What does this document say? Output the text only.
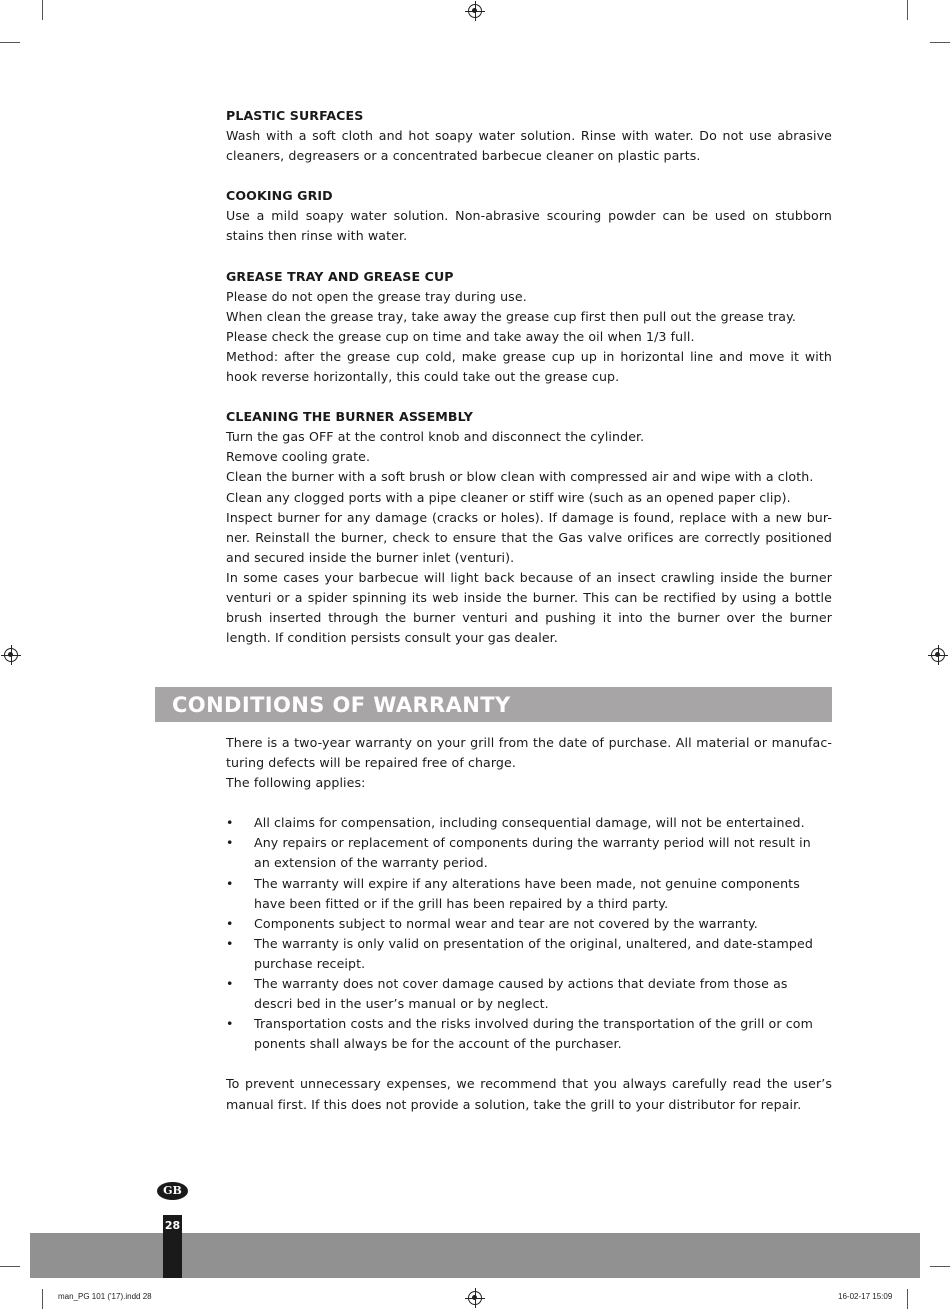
PLASTIC SURFACES

Wash with a soft cloth and hot soapy water solution. Rinse with water. Do not use abrasive cleaners, degreasers or a concentrated barbecue cleaner on plastic parts.

COOKING GRID

Use a mild soapy water solution. Non-abrasive scouring powder can be used on stubborn stains then rinse with water.

GREASE TRAY AND GREASE CUP

Please do not open the grease tray during use.

When clean the grease tray, take away the grease cup first then pull out the grease tray.

Please check the grease cup on time and take away the oil when 1/3 full.

Method: after the grease cup cold, make grease cup up in horizontal line and move it with hook reverse horizontally, this could take out the grease cup.

CLEANING THE BURNER ASSEMBLY

Turn the gas OFF at the control knob and disconnect the cylinder.

Remove cooling grate.

Clean the burner with a soft brush or blow clean with compressed air and wipe with a cloth.

Clean any clogged ports with a pipe cleaner or stiff wire (such as an opened paper clip).

Inspect burner for any damage (cracks or holes). If damage is found, replace with a new bur-ner. Reinstall the burner, check to ensure that the Gas valve orifices are correctly positioned and secured inside the burner inlet (venturi).

In some cases your barbecue will light back because of an insect crawling inside the burner venturi or a spider spinning its web inside the burner. This can be rectified by using a bottle brush inserted through the burner venturi and pushing it into the burner over the burner length. If condition persists consult your gas dealer.

CONDITIONS OF WARRANTY

There is a two-year warranty on your grill from the date of purchase. All material or manufac-turing defects will be repaired free of charge.

The following applies:

• All claims for compensation, including consequential damage, will not be entertained.
• Any repairs or replacement of components during the warranty period will not result in an extension of the warranty period.
• The warranty will expire if any alterations have been made, not genuine components have been fitted or if the grill has been repaired by a third party.
• Components subject to normal wear and tear are not covered by the warranty.
• The warranty is only valid on presentation of the original, unaltered, and date-stamped purchase receipt.
• The warranty does not cover damage caused by actions that deviate from those as descri bed in the user’s manual or by neglect.
• Transportation costs and the risks involved during the transportation of the grill or com ponents shall always be for the account of the purchaser.

To prevent unnecessary expenses, we recommend that you always carefully read the user’s manual first. If this does not provide a solution, take the grill to your distributor for repair.

GB
28
man_PG 101 ('17).indd 28	16-02-17 15:09
